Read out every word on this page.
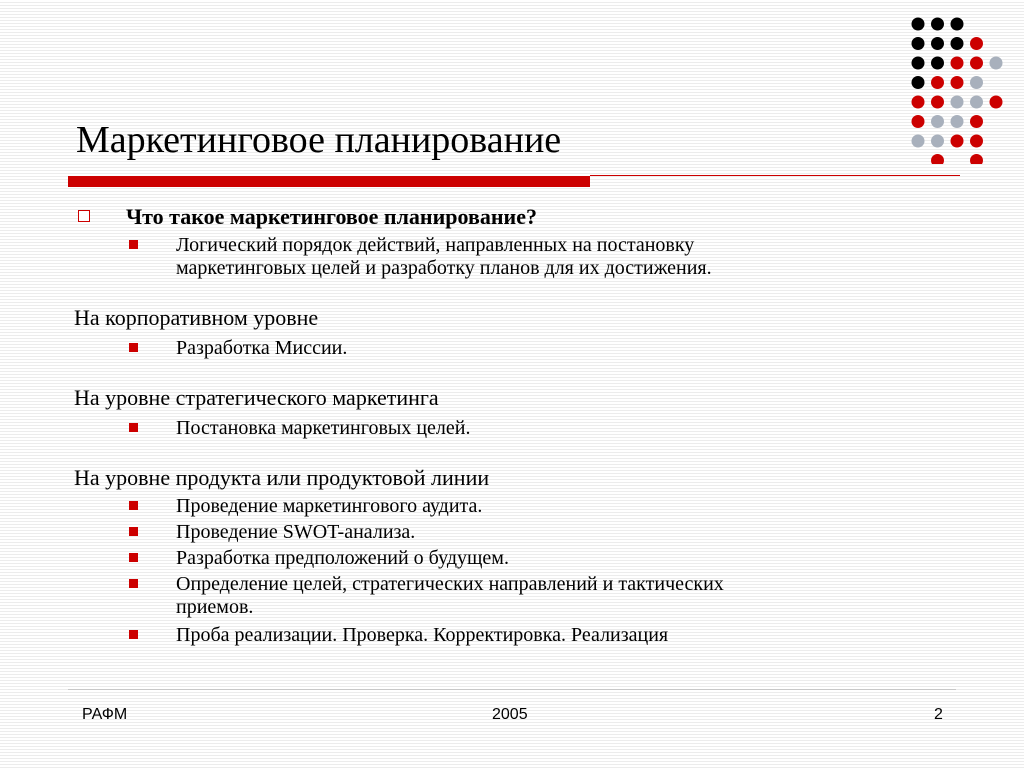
Маркетинговое планирование
Что такое маркетинговое планирование?
Логический порядок действий, направленных на постановку
маркетинговых целей и разработку планов для их достижения.
На корпоративном уровне
Разработка Миссии.
На уровне стратегического маркетинга
Постановка маркетинговых целей.
На уровне продукта или продуктовой линии
Проведение маркетингового аудита.
Проведение SWOT-анализа.
Разработка предположений о будущем.
Определение целей, стратегических направлений и тактических
приемов.
Проба реализации. Проверка. Корректировка. Реализация
РАФМ	2005	2
